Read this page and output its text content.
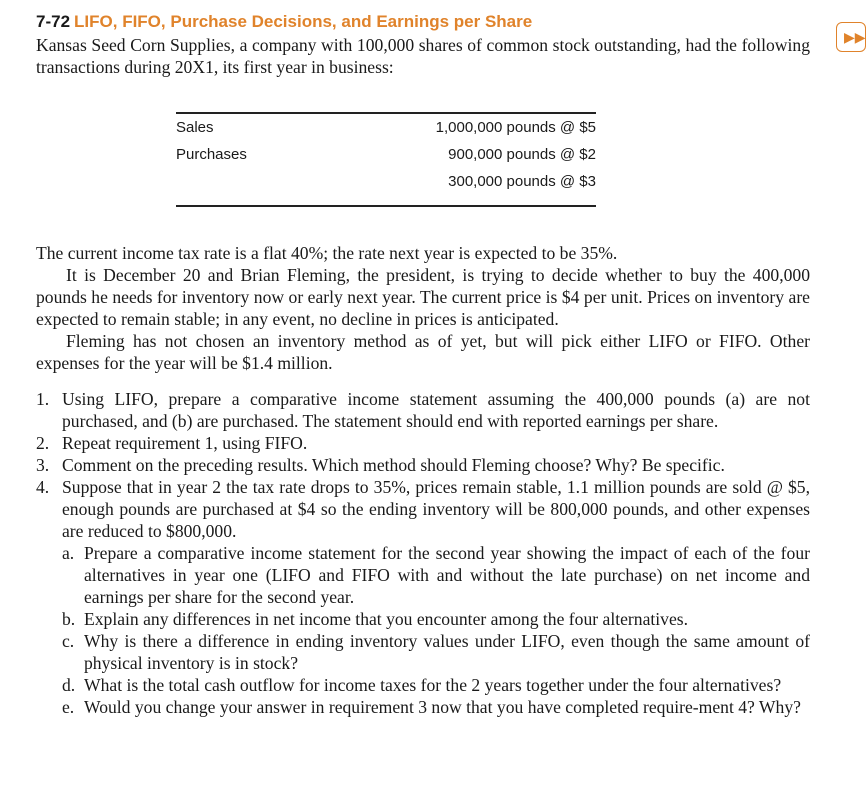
▶▶
7-72 LIFO, FIFO, Purchase Decisions, and Earnings per Share

Kansas Seed Corn Supplies, a company with 100,000 shares of common stock outstanding, had the following transactions during 20X1, its first year in business:

The current income tax rate is a flat 40%; the rate next year is expected to be 35%.

It is December 20 and Brian Fleming, the president, is trying to decide whether to buy the 400,000 pounds he needs for inventory now or early next year. The current price is $4 per unit. Prices on inventory are expected to remain stable; in any event, no decline in prices is anticipated.

Fleming has not chosen an inventory method as of yet, but will pick either LIFO or FIFO. Other expenses for the year will be $1.4 million.

1. Using LIFO, prepare a comparative income statement assuming the 400,000 pounds (a) are not purchased, and (b) are purchased. The statement should end with reported earnings per share.
2. Repeat requirement 1, using FIFO.
3. Comment on the preceding results. Which method should Fleming choose? Why? Be specific.
4. Suppose that in year 2 the tax rate drops to 35%, prices remain stable, 1.1 million pounds are sold @ $5, enough pounds are purchased at $4 so the ending inventory will be 800,000 pounds, and other expenses are reduced to $800,000.
a. Prepare a comparative income statement for the second year showing the impact of each of the four alternatives in year one (LIFO and FIFO with and without the late purchase) on net income and earnings per share for the second year.
b. Explain any differences in net income that you encounter among the four alternatives.
c. Why is there a difference in ending inventory values under LIFO, even though the same amount of physical inventory is in stock?
d. What is the total cash outflow for income taxes for the 2 years together under the four alternatives?
e. Would you change your answer in requirement 3 now that you have completed require-ment 4? Why?
Sales	1,000,000 pounds @ $5
Purchases	900,000 pounds @ $2
300,000 pounds @ $3
